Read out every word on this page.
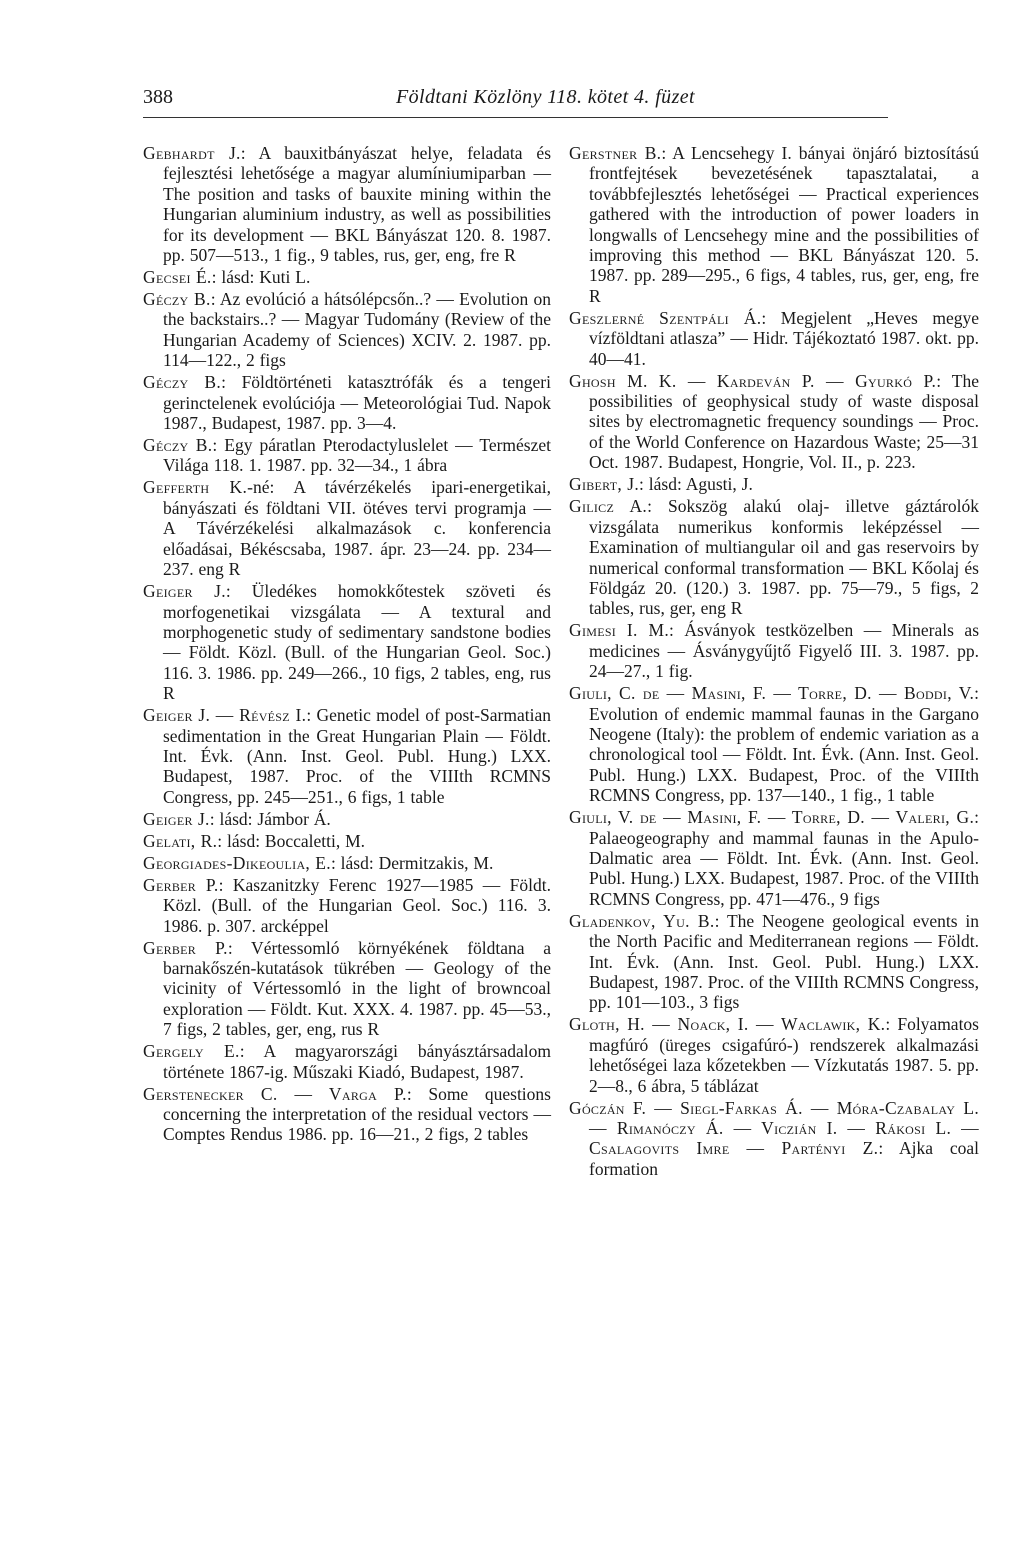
388	Földtani Közlöny 118. kötet 4. füzet

Gebhardt J.: A bauxitbányászat helye, feladata és fejlesztési lehetősége a magyar alumíniumiparban — The position and tasks of bauxite mining within the Hungarian aluminium industry, as well as possibilities for its development — BKL Bányászat 120. 8. 1987. pp. 507—513., 1 fig., 9 tables, rus, ger, eng, fre R

Gecsei É.: lásd: Kuti L.

Géczy B.: Az evolúció a hátsólépcsőn..? — Evolution on the backstairs..? — Magyar Tudomány (Review of the Hungarian Academy of Sciences) XCIV. 2. 1987. pp. 114—122., 2 figs

Géczy B.: Földtörténeti katasztrófák és a tengeri gerinctelenek evolúciója — Meteorológiai Tud. Napok 1987., Budapest, 1987. pp. 3—4.

Géczy B.: Egy páratlan Pterodactyluslelet — Természet Világa 118. 1. 1987. pp. 32—34., 1 ábra

Gefferth K.-né: A távérzékelés ipari-energetikai, bányászati és földtani VII. ötéves tervi programja — A Távérzékelési alkalmazások c. konferencia előadásai, Békéscsaba, 1987. ápr. 23—24. pp. 234—237. eng R

Geiger J.: Üledékes homokkőtestek szöveti és morfogenetikai vizsgálata — A textural and morphogenetic study of sedimentary sandstone bodies — Földt. Közl. (Bull. of the Hungarian Geol. Soc.) 116. 3. 1986. pp. 249—266., 10 figs, 2 tables, eng, rus R

Geiger J. — Révész I.: Genetic model of post-Sarmatian sedimentation in the Great Hungarian Plain — Földt. Int. Évk. (Ann. Inst. Geol. Publ. Hung.) LXX. Budapest, 1987. Proc. of the VIIIth RCMNS Congress, pp. 245—251., 6 figs, 1 table

Geiger J.: lásd: Jámbor Á.

Gelati, R.: lásd: Boccaletti, M.

Georgiades-Dikeoulia, E.: lásd: Dermitzakis, M.

Gerber P.: Kaszanitzky Ferenc 1927—1985 — Földt. Közl. (Bull. of the Hungarian Geol. Soc.) 116. 3. 1986. p. 307. arcképpel

Gerber P.: Vértessomló környékének földtana a barnakőszén-kutatások tükrében — Geology of the vicinity of Vértessomló in the light of browncoal exploration — Földt. Kut. XXX. 4. 1987. pp. 45—53., 7 figs, 2 tables, ger, eng, rus R

Gergely E.: A magyarországi bányásztársadalom története 1867-ig. Műszaki Kiadó, Budapest, 1987.

Gerstenecker C. — Varga P.: Some questions concerning the interpretation of the residual vectors — Comptes Rendus 1986. pp. 16—21., 2 figs, 2 tables

Gerstner B.: A Lencsehegy I. bányai önjáró biztosítású frontfejtések bevezetésének tapasztalatai, a továbbfejlesztés lehetőségei — Practical experiences gathered with the introduction of power loaders in longwalls of Lencsehegy mine and the possibilities of improving this method — BKL Bányászat 120. 5. 1987. pp. 289—295., 6 figs, 4 tables, rus, ger, eng, fre R

Geszlerné Szentpáli Á.: Megjelent „Heves megye vízföldtani atlasza” — Hidr. Tájékoztató 1987. okt. pp. 40—41.

Ghosh M. K. — Kardeván P. — Gyurkó P.: The possibilities of geophysical study of waste disposal sites by electromagnetic frequency soundings — Proc. of the World Conference on Hazardous Waste; 25—31 Oct. 1987. Budapest, Hongrie, Vol. II., p. 223.

Gibert, J.: lásd: Agusti, J.

Gilicz A.: Sokszög alakú olaj- illetve gáztárolók vizsgálata numerikus konformis leképzéssel — Examination of multiangular oil and gas reservoirs by numerical conformal transformation — BKL Kőolaj és Földgáz 20. (120.) 3. 1987. pp. 75—79., 5 figs, 2 tables, rus, ger, eng R

Gimesi I. M.: Ásványok testközelben — Minerals as medicines — Ásványgyűjtő Figyelő III. 3. 1987. pp. 24—27., 1 fig.

Giuli, C. de — Masini, F. — Torre, D. — Boddi, V.: Evolution of endemic mammal faunas in the Gargano Neogene (Italy): the problem of endemic variation as a chronological tool — Földt. Int. Évk. (Ann. Inst. Geol. Publ. Hung.) LXX. Budapest, Proc. of the VIIIth RCMNS Congress, pp. 137—140., 1 fig., 1 table

Giuli, V. de — Masini, F. — Torre, D. — Valeri, G.: Palaeogeography and mammal faunas in the Apulo-Dalmatic area — Földt. Int. Évk. (Ann. Inst. Geol. Publ. Hung.) LXX. Budapest, 1987. Proc. of the VIIIth RCMNS Congress, pp. 471—476., 9 figs

Gladenkov, Yu. B.: The Neogene geological events in the North Pacific and Mediterranean regions — Földt. Int. Évk. (Ann. Inst. Geol. Publ. Hung.) LXX. Budapest, 1987. Proc. of the VIIIth RCMNS Congress, pp. 101—103., 3 figs

Gloth, H. — Noack, I. — Waclawik, K.: Folyamatos magfúró (üreges csigafúró-) rendszerek alkalmazási lehetőségei laza kőzetekben — Vízkutatás 1987. 5. pp. 2—8., 6 ábra, 5 táblázat

Góczán F. — Siegl-Farkas Á. — Móra-Czabalay L. — Rimanóczy Á. — Viczián I. — Rákosi L. — Csalagovits Imre — Partényi Z.: Ajka coal formation
